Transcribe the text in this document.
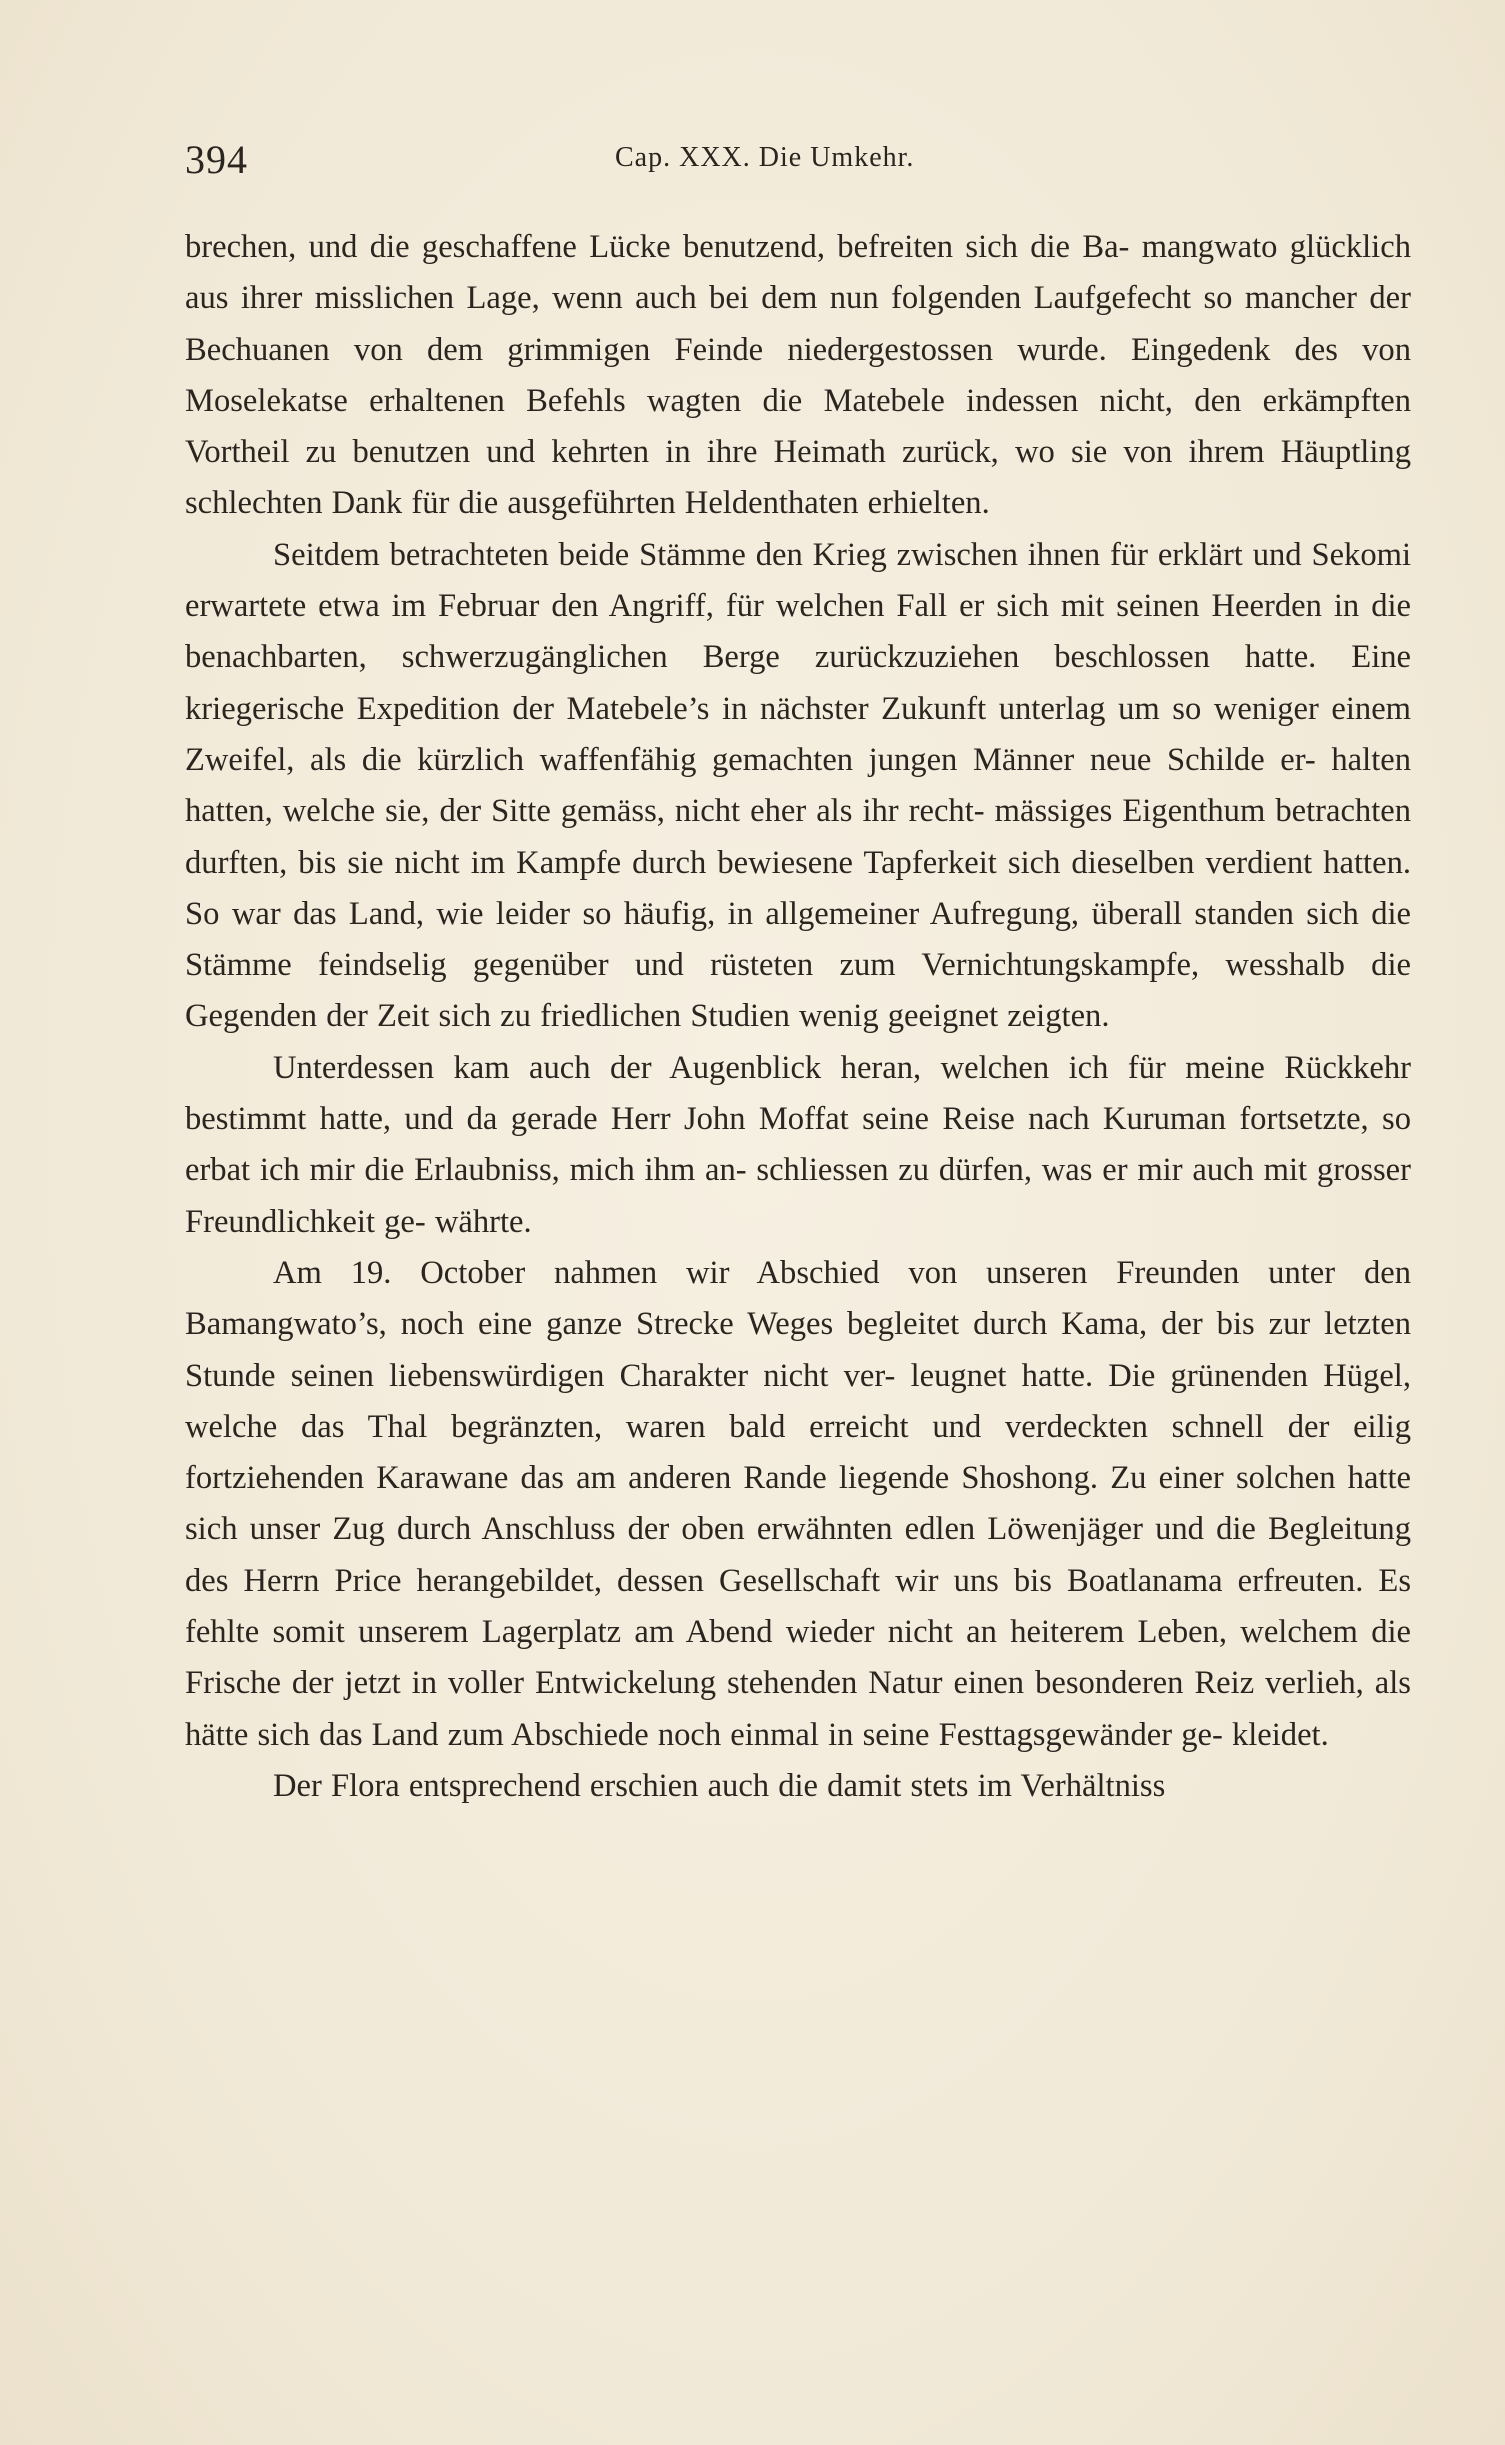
394	Cap. XXX. Die Umkehr.

brechen, und die geschaffene Lücke benutzend, befreiten sich die Ba- mangwato glücklich aus ihrer misslichen Lage, wenn auch bei dem nun folgenden Laufgefecht so mancher der Bechuanen von dem grimmigen Feinde niedergestossen wurde. Eingedenk des von Moselekatse erhaltenen Befehls wagten die Matebele indessen nicht, den erkämpften Vortheil zu benutzen und kehrten in ihre Heimath zurück, wo sie von ihrem Häuptling schlechten Dank für die ausgeführten Heldenthaten erhielten.

Seitdem betrachteten beide Stämme den Krieg zwischen ihnen für erklärt und Sekomi erwartete etwa im Februar den Angriff, für welchen Fall er sich mit seinen Heerden in die benachbarten, schwerzugänglichen Berge zurückzuziehen beschlossen hatte. Eine kriegerische Expedition der Matebele’s in nächster Zukunft unterlag um so weniger einem Zweifel, als die kürzlich waffenfähig gemachten jungen Männer neue Schilde er- halten hatten, welche sie, der Sitte gemäss, nicht eher als ihr recht- mässiges Eigenthum betrachten durften, bis sie nicht im Kampfe durch bewiesene Tapferkeit sich dieselben verdient hatten. So war das Land, wie leider so häufig, in allgemeiner Aufregung, überall standen sich die Stämme feindselig gegenüber und rüsteten zum Vernichtungskampfe, wesshalb die Gegenden der Zeit sich zu friedlichen Studien wenig geeignet zeigten.

Unterdessen kam auch der Augenblick heran, welchen ich für meine Rückkehr bestimmt hatte, und da gerade Herr John Moffat seine Reise nach Kuruman fortsetzte, so erbat ich mir die Erlaubniss, mich ihm an- schliessen zu dürfen, was er mir auch mit grosser Freundlichkeit ge- währte.

Am 19. October nahmen wir Abschied von unseren Freunden unter den Bamangwato’s, noch eine ganze Strecke Weges begleitet durch Kama, der bis zur letzten Stunde seinen liebenswürdigen Charakter nicht ver- leugnet hatte. Die grünenden Hügel, welche das Thal begränzten, waren bald erreicht und verdeckten schnell der eilig fortziehenden Karawane das am anderen Rande liegende Shoshong. Zu einer solchen hatte sich unser Zug durch Anschluss der oben erwähnten edlen Löwenjäger und die Begleitung des Herrn Price herangebildet, dessen Gesellschaft wir uns bis Boatlanama erfreuten. Es fehlte somit unserem Lagerplatz am Abend wieder nicht an heiterem Leben, welchem die Frische der jetzt in voller Entwickelung stehenden Natur einen besonderen Reiz verlieh, als hätte sich das Land zum Abschiede noch einmal in seine Festtagsgewänder ge- kleidet.

Der Flora entsprechend erschien auch die damit stets im Verhältniss
